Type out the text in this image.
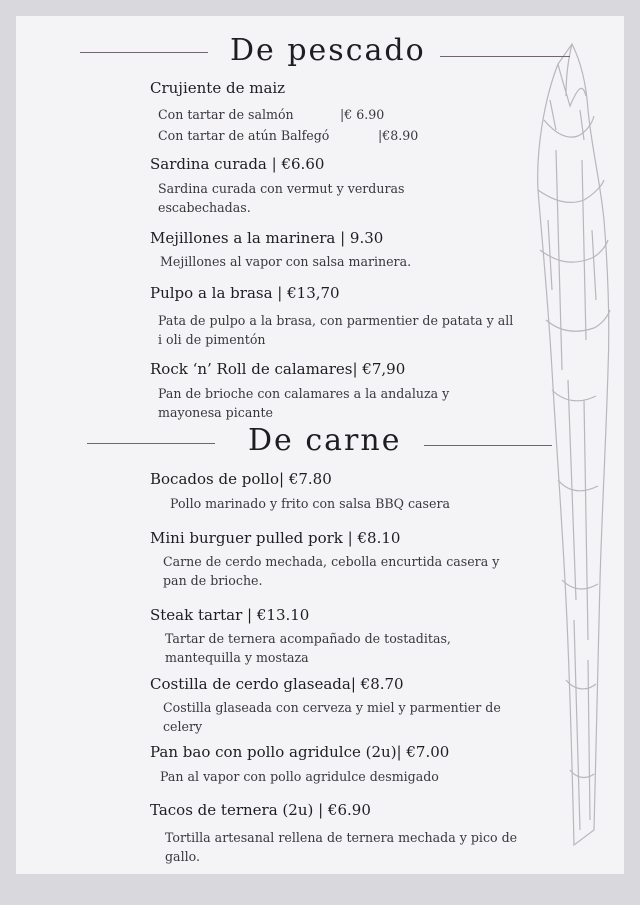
De pescado
Crujiente de maiz
Con tartar de salmón	|€ 6.90
Con tartar de atún Balfegó	|€8.90
Sardina curada | €6.60
Sardina curada con vermut y verduras escabechadas.
Mejillones a la marinera | 9.30
Mejillones al vapor con salsa marinera.
Pulpo a la brasa | €13,70
Pata de pulpo a la brasa, con parmentier de patata y all i oli de pimentón
Rock ‘n’ Roll de calamares| €7,90
Pan de brioche con calamares a la andaluza y mayonesa picante
De carne
Bocados de pollo| €7.80
Pollo marinado y frito con salsa BBQ casera
Mini burguer pulled pork | €8.10
Carne de cerdo mechada, cebolla encurtida casera y pan de brioche.
Steak tartar | €13.10
Tartar de ternera acompañado de tostaditas, mantequilla y mostaza
Costilla de cerdo glaseada| €8.70
Costilla glaseada con cerveza y miel y parmentier de celery
Pan bao con pollo agridulce (2u)| €7.00
Pan al vapor con pollo agridulce desmigado
Tacos de ternera (2u) | €6.90
Tortilla artesanal rellena de ternera mechada y pico de gallo.
